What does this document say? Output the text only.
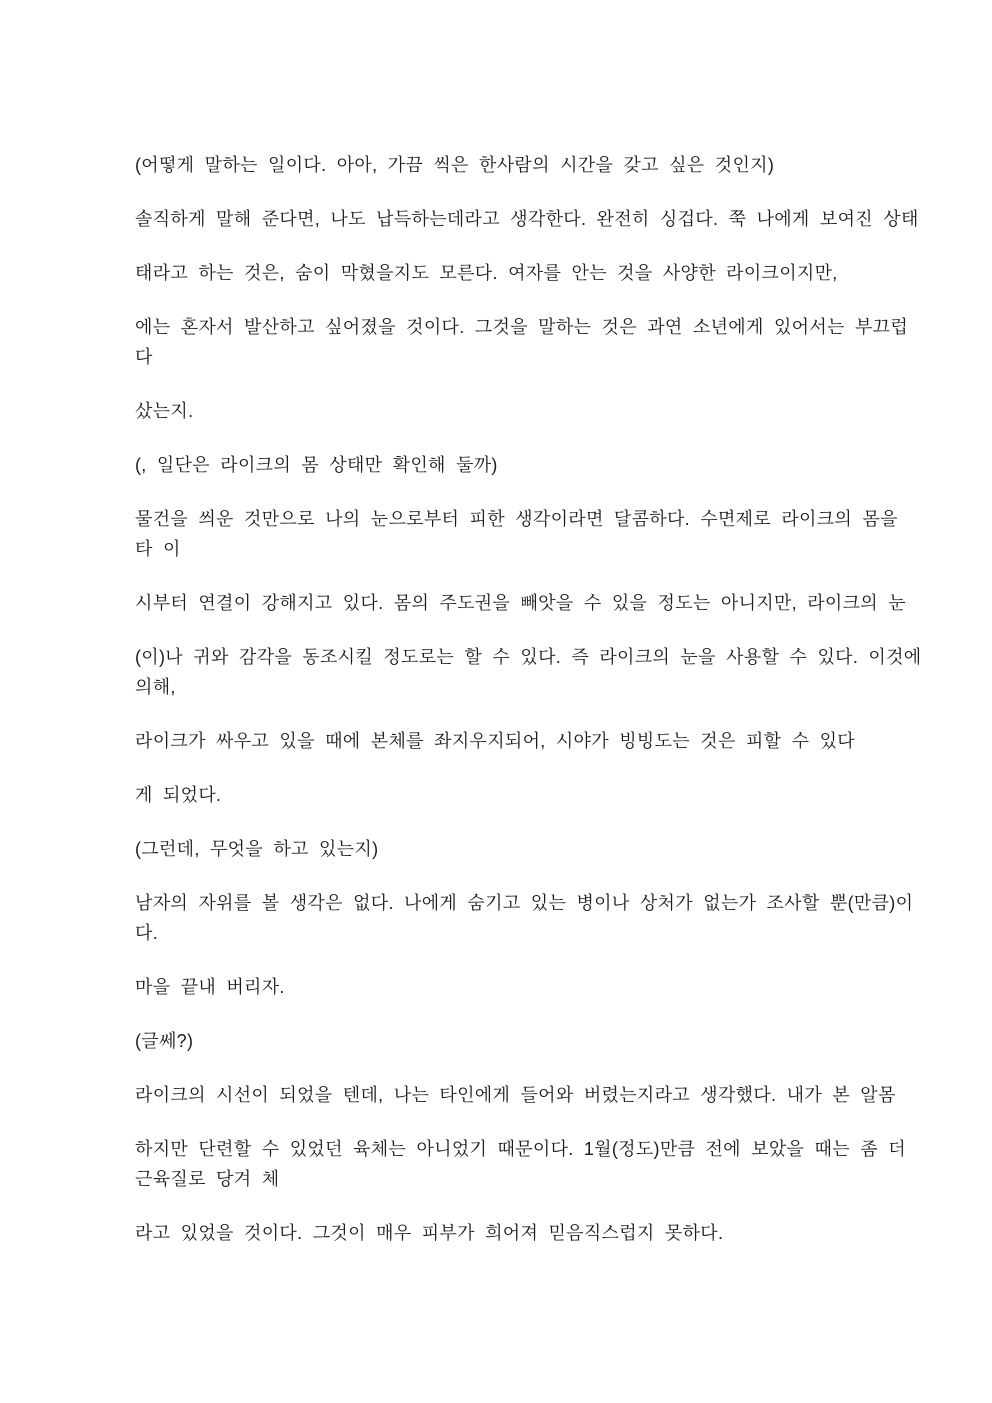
(어떻게 말하는 일이다. 아아, 가끔 씩은 한사람의 시간을 갖고 싶은 것인지)
솔직하게 말해 준다면, 나도 납득하는데라고 생각한다. 완전히 싱겁다. 쭉 나에게 보여진 상태
태라고 하는 것은, 숨이 막혔을지도 모른다. 여자를 안는 것을 사양한 라이크이지만,
에는 혼자서 발산하고 싶어졌을 것이다. 그것을 말하는 것은 과연 소년에게 있어서는 부끄럽
다
샀는지.
(, 일단은 라이크의 몸 상태만 확인해 둘까)
물건을 씌운 것만으로 나의 눈으로부터 피한 생각이라면 달콤하다. 수면제로 라이크의 몸을
타 이
시부터 연결이 강해지고 있다. 몸의 주도권을 빼앗을 수 있을 정도는 아니지만, 라이크의 눈
(이)나 귀와 감각을 동조시킬 정도로는 할 수 있다. 즉 라이크의 눈을 사용할 수 있다. 이것에
의해,
라이크가 싸우고 있을 때에 본체를 좌지우지되어, 시야가 빙빙도는 것은 피할 수 있다
게 되었다.
(그런데, 무엇을 하고 있는지)
남자의 자위를 볼 생각은 없다. 나에게 숨기고 있는 병이나 상처가 없는가 조사할 뿐(만큼)이
다.
마을 끝내 버리자.
(글쎄?)
라이크의 시선이 되었을 텐데, 나는 타인에게 들어와 버렸는지라고 생각했다. 내가 본 알몸
하지만 단련할 수 있었던 육체는 아니었기 때문이다. 1월(정도)만큼 전에 보았을 때는 좀 더
근육질로 당겨 체
라고 있었을 것이다. 그것이 매우 피부가 희어져 믿음직스럽지 못하다.
